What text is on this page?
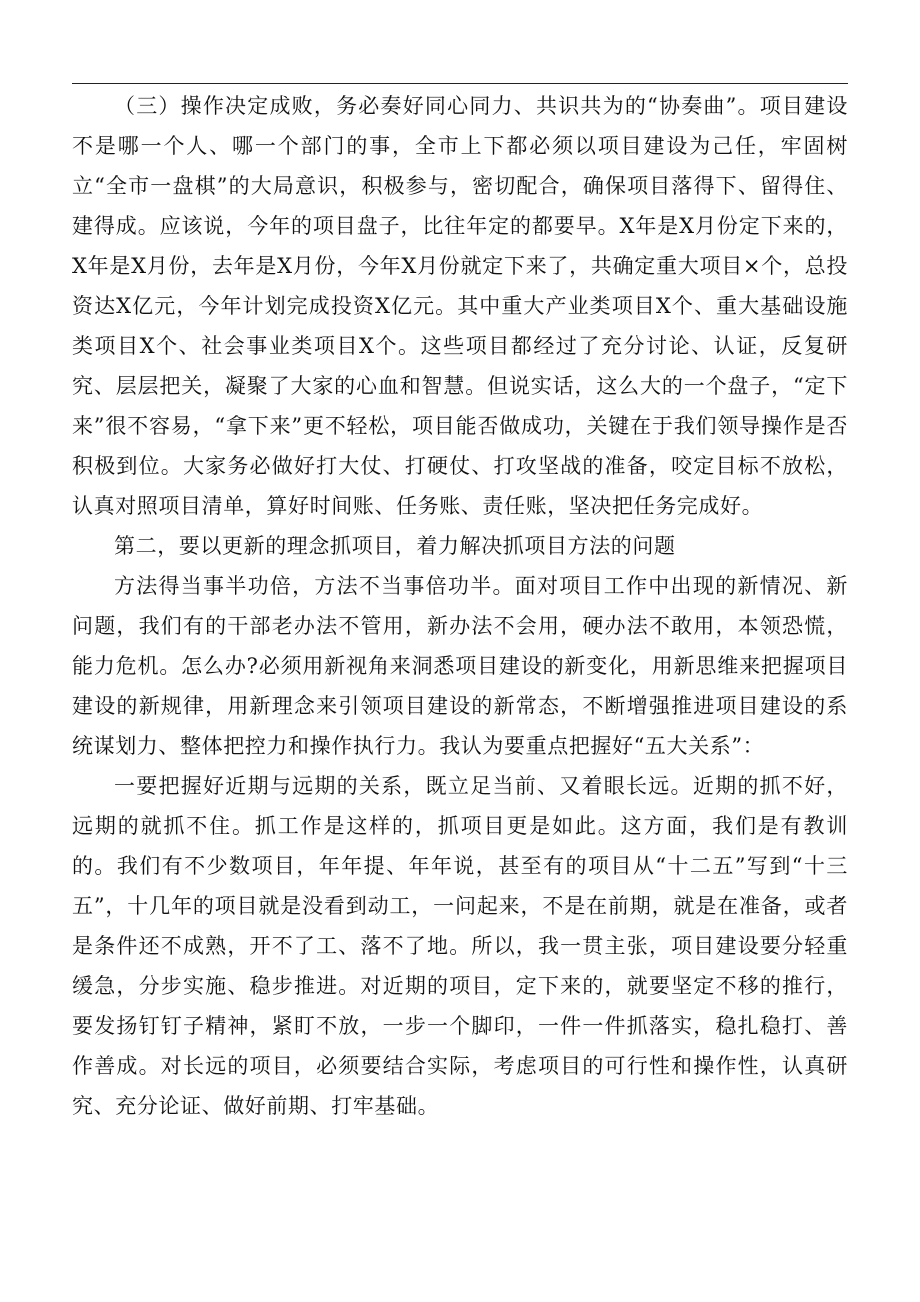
（三）操作决定成败，务必奏好同心同力、共识共为的“协奏曲”。项目建设不是哪一个人、哪一个部门的事，全市上下都必须以项目建设为己任，牢固树立“全市一盘棋”的大局意识，积极参与，密切配合，确保项目落得下、留得住、建得成。应该说，今年的项目盘子，比往年定的都要早。X年是X月份定下来的，X年是X月份，去年是X月份，今年X月份就定下来了，共确定重大项目×个，总投资达X亿元，今年计划完成投资X亿元。其中重大产业类项目X个、重大基础设施类项目X个、社会事业类项目X个。这些项目都经过了充分讨论、认证，反复研究、层层把关，凝聚了大家的心血和智慧。但说实话，这么大的一个盘子，“定下来”很不容易，“拿下来”更不轻松，项目能否做成功，关键在于我们领导操作是否积极到位。大家务必做好打大仗、打硬仗、打攻坚战的准备，咬定目标不放松，认真对照项目清单，算好时间账、任务账、责任账，坚决把任务完成好。

第二，要以更新的理念抓项目，着力解决抓项目方法的问题

方法得当事半功倍，方法不当事倍功半。面对项目工作中出现的新情况、新问题，我们有的干部老办法不管用，新办法不会用，硬办法不敢用，本领恐慌，能力危机。怎么办?必须用新视角来洞悉项目建设的新变化，用新思维来把握项目建设的新规律，用新理念来引领项目建设的新常态，不断增强推进项目建设的系统谋划力、整体把控力和操作执行力。我认为要重点把握好“五大关系”：

一要把握好近期与远期的关系，既立足当前、又着眼长远。近期的抓不好，远期的就抓不住。抓工作是这样的，抓项目更是如此。这方面，我们是有教训的。我们有不少数项目，年年提、年年说，甚至有的项目从“十二五”写到“十三五”，十几年的项目就是没看到动工，一问起来，不是在前期，就是在准备，或者是条件还不成熟，开不了工、落不了地。所以，我一贯主张，项目建设要分轻重缓急，分步实施、稳步推进。对近期的项目，定下来的，就要坚定不移的推行，要发扬钉钉子精神，紧盯不放，一步一个脚印，一件一件抓落实，稳扎稳打、善作善成。对长远的项目，必须要结合实际，考虑项目的可行性和操作性，认真研究、充分论证、做好前期、打牢基础。
